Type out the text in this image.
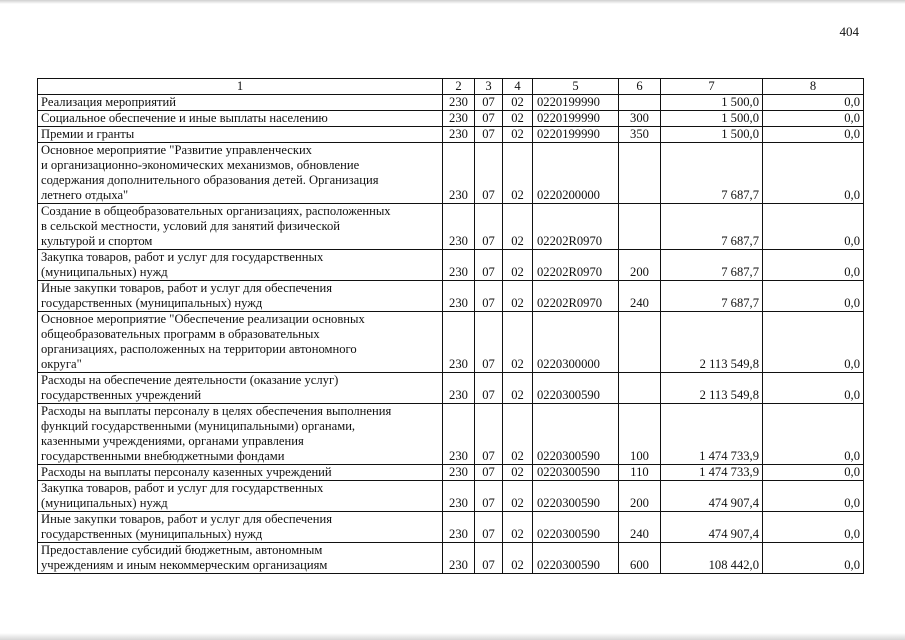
404
1	2	3	4	5	6	7	8
Реализация мероприятий	230	07	02	0220199990		1 500,0	0,0
Социальное обеспечение и иные выплаты населению	230	07	02	0220199990	300	1 500,0	0,0
Премии и гранты	230	07	02	0220199990	350	1 500,0	0,0
Основное мероприятие "Развитие управленческих
и организационно-экономических механизмов, обновление
содержания дополнительного образования детей. Организация
летнего отдыха"	230	07	02	0220200000		7 687,7	0,0
Создание в общеобразовательных организациях, расположенных
в сельской местности, условий для занятий физической
культурой и спортом	230	07	02	02202R0970		7 687,7	0,0
Закупка товаров, работ и услуг для государственных
(муниципальных) нужд	230	07	02	02202R0970	200	7 687,7	0,0
Иные закупки товаров, работ и услуг для обеспечения
государственных (муниципальных) нужд	230	07	02	02202R0970	240	7 687,7	0,0
Основное мероприятие "Обеспечение реализации основных
общеобразовательных программ в образовательных
организациях, расположенных на территории автономного
округа"	230	07	02	0220300000		2 113 549,8	0,0
Расходы на обеспечение деятельности (оказание услуг)
государственных учреждений	230	07	02	0220300590		2 113 549,8	0,0
Расходы на выплаты персоналу в целях обеспечения выполнения
функций государственными (муниципальными) органами,
казенными учреждениями, органами управления
государственными внебюджетными фондами	230	07	02	0220300590	100	1 474 733,9	0,0
Расходы на выплаты персоналу казенных учреждений	230	07	02	0220300590	110	1 474 733,9	0,0
Закупка товаров, работ и услуг для государственных
(муниципальных) нужд	230	07	02	0220300590	200	474 907,4	0,0
Иные закупки товаров, работ и услуг для обеспечения
государственных (муниципальных) нужд	230	07	02	0220300590	240	474 907,4	0,0
Предоставление субсидий бюджетным, автономным
учреждениям и иным некоммерческим организациям	230	07	02	0220300590	600	108 442,0	0,0
